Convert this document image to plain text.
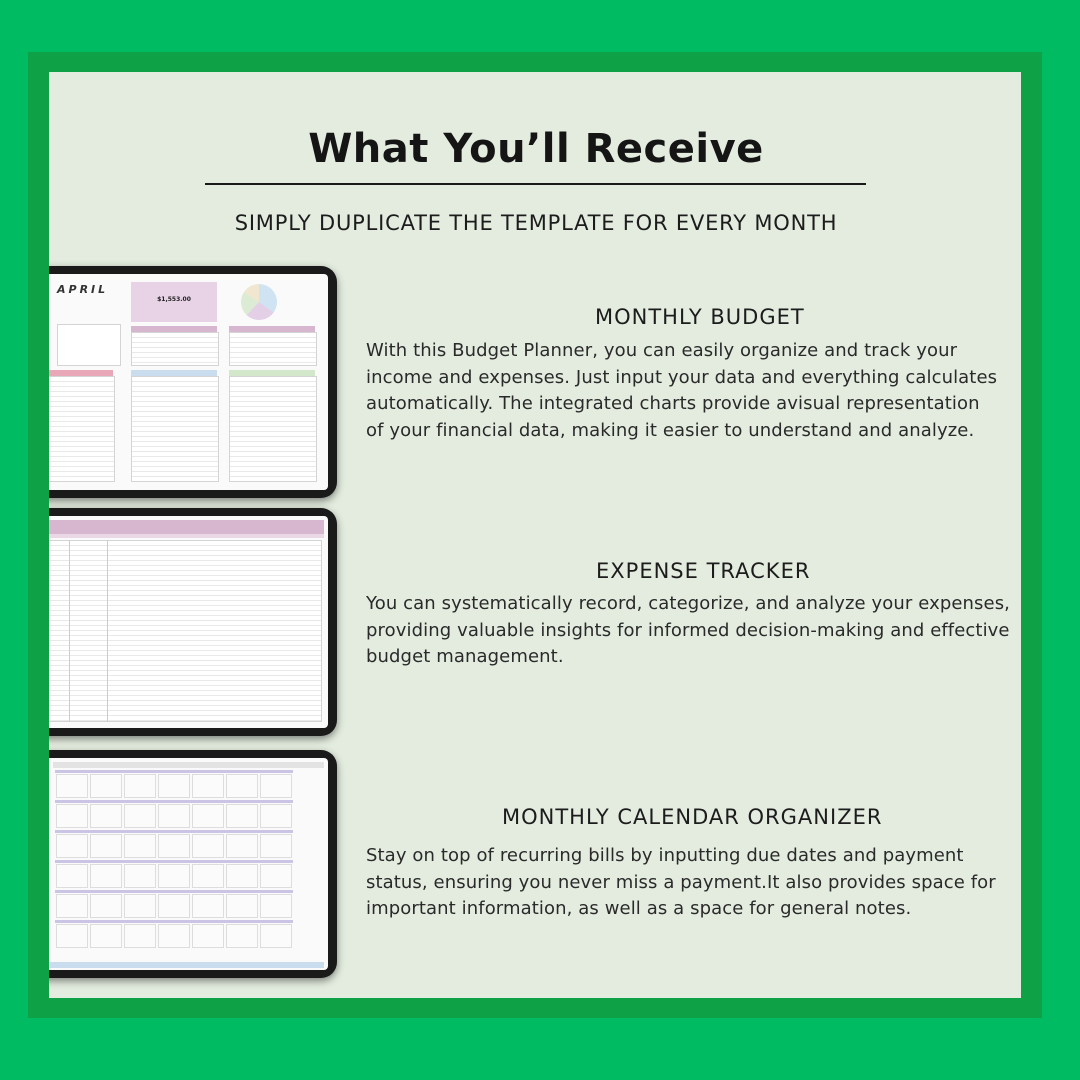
APRIL
$1,553.00
What You’ll Receive
SIMPLY DUPLICATE THE TEMPLATE FOR EVERY MONTH
MONTHLY BUDGET
With this Budget Planner, you can easily organize and track your
income and expenses. Just input your data and everything calculates
automatically. The integrated charts provide avisual representation
of your financial data, making it easier to understand and analyze.
EXPENSE TRACKER
You can systematically record, categorize, and analyze your expenses,
providing valuable insights for informed decision-making and effective
budget management.
MONTHLY CALENDAR ORGANIZER
Stay on top of recurring bills by inputting due dates and payment
status, ensuring you never miss a payment.It also provides space for
important information, as well as a space for general notes.
